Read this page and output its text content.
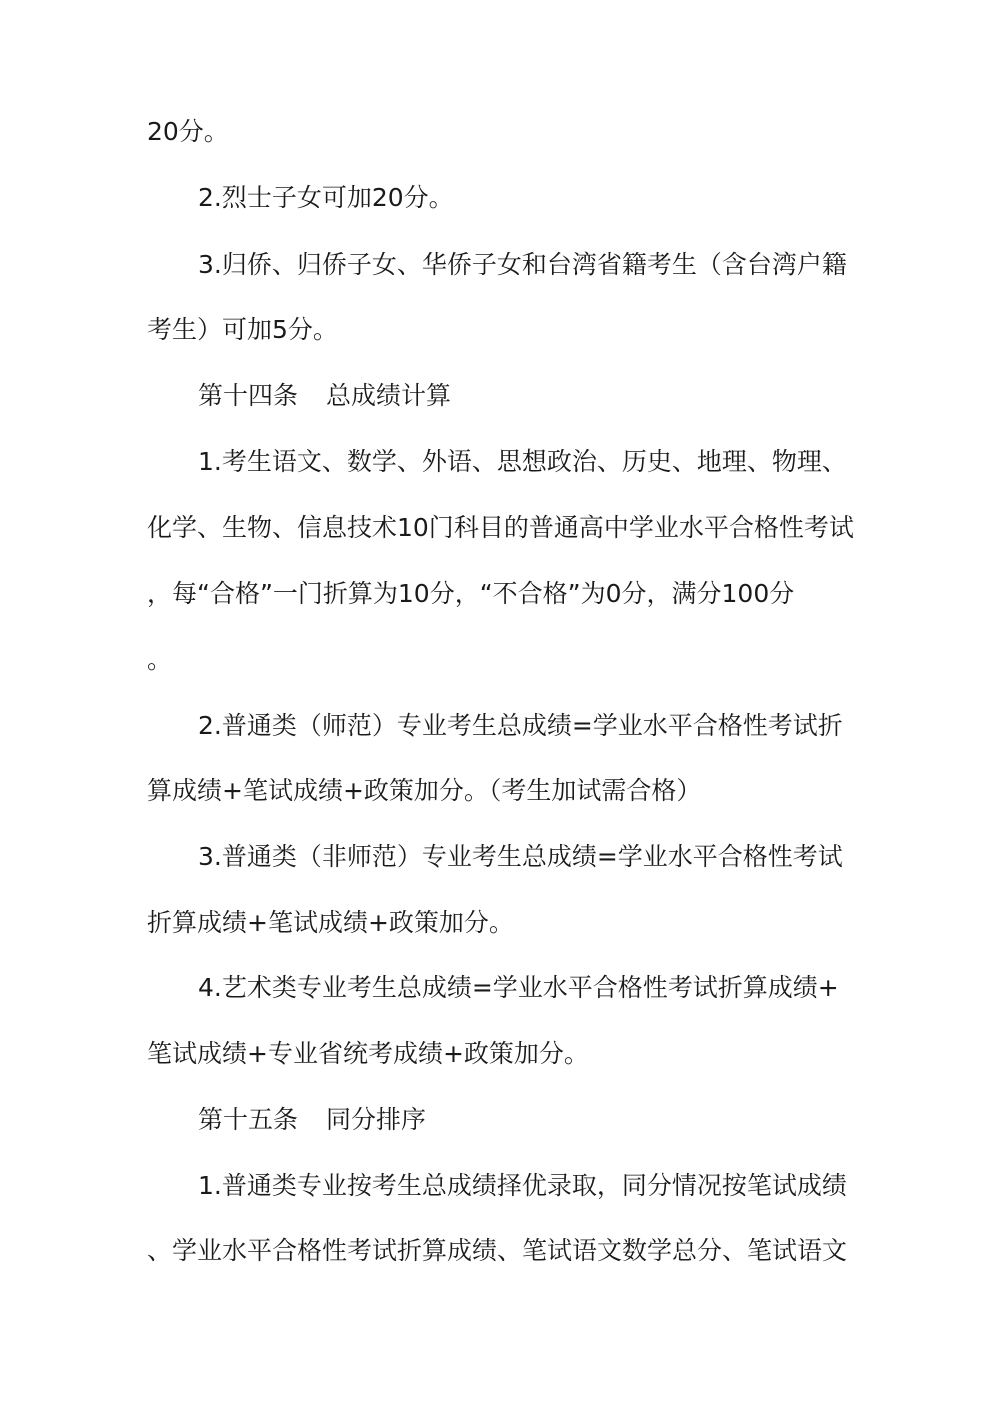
20分。
2.烈士子女可加20分。
3.归侨、归侨子女、华侨子女和台湾省籍考生（含台湾户籍
考生）可加5分。
第十四条 总成绩计算
1.考生语文、数学、外语、思想政治、历史、地理、物理、
化学、生物、信息技术10门科目的普通高中学业水平合格性考试
，每“合格”一门折算为10分，“不合格”为0分，满分100分
。
2.普通类（师范）专业考生总成绩=学业水平合格性考试折
算成绩+笔试成绩+政策加分。（考生加试需合格）
3.普通类（非师范）专业考生总成绩=学业水平合格性考试
折算成绩+笔试成绩+政策加分。
4.艺术类专业考生总成绩=学业水平合格性考试折算成绩+
笔试成绩+专业省统考成绩+政策加分。
第十五条 同分排序
1.普通类专业按考生总成绩择优录取，同分情况按笔试成绩
、学业水平合格性考试折算成绩、笔试语文数学总分、笔试语文
